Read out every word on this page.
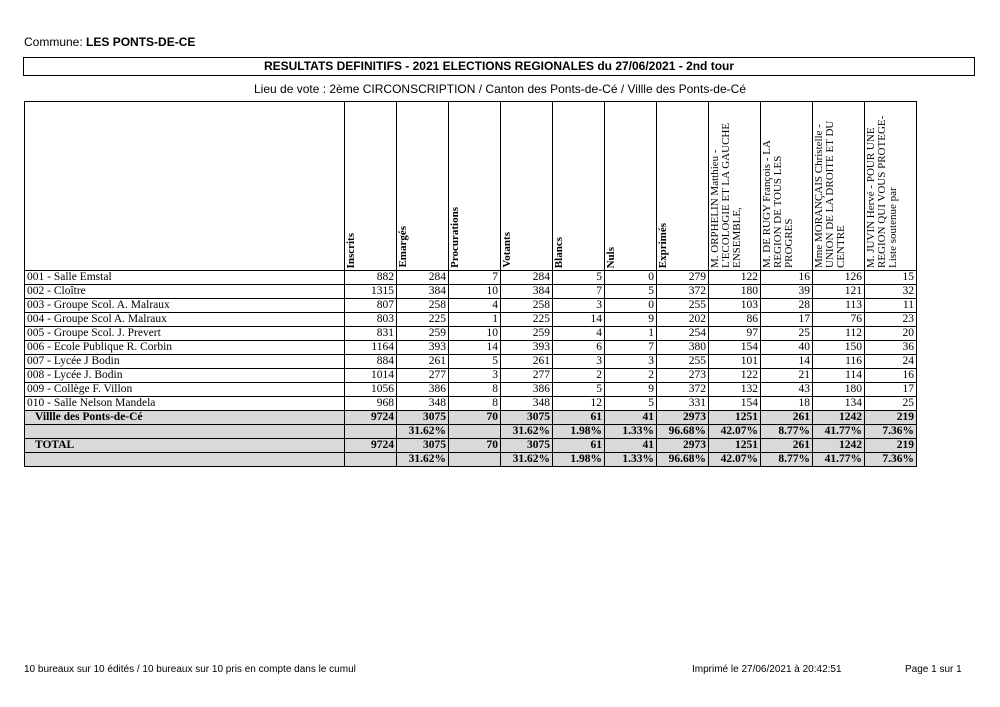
Commune: LES PONTS-DE-CE
RESULTATS DEFINITIFS - 2021 ELECTIONS REGIONALES du 27/06/2021 - 2nd tour
Lieu de vote : 2ème CIRCONSCRIPTION / Canton des Ponts-de-Cé / Villle des Ponts-de-Cé

	Inscrits	Emargés	Procurations	Votants	Blancs	Nuls	Exprimés	M. ORPHELIN Matthieu - L'ECOLOGIE ET LA GAUCHE ENSEMBLE,	M. DE RUGY François - LA REGION DE TOUS LES PROGRES	Mme MORANÇAIS Christelle - UNION DE LA DROITE ET DU CENTRE	M. JUVIN Hervé - POUR UNE REGION QUI VOUS PROTEGE-Liste soutenue par

001 - Salle Emstal	882	284	7	284	5	0	279	122	16	126	15
002 - Cloître	1315	384	10	384	7	5	372	180	39	121	32
003 - Groupe Scol. A. Malraux	807	258	4	258	3	0	255	103	28	113	11
004 - Groupe Scol A. Malraux	803	225	1	225	14	9	202	86	17	76	23
005 - Groupe Scol. J. Prevert	831	259	10	259	4	1	254	97	25	112	20
006 - Ecole Publique R. Corbin	1164	393	14	393	6	7	380	154	40	150	36
007 - Lycée J Bodin	884	261	5	261	3	3	255	101	14	116	24
008 - Lycée J. Bodin	1014	277	3	277	2	2	273	122	21	114	16
009 - Collège F. Villon	1056	386	8	386	5	9	372	132	43	180	17
010 - Salle Nelson Mandela	968	348	8	348	12	5	331	154	18	134	25
Villle des Ponts-de-Cé	9724	3075	70	3075	61	41	2973	1251	261	1242	219
		31.62%		31.62%	1.98%	1.33%	96.68%	42.07%	8.77%	41.77%	7.36%
TOTAL	9724	3075	70	3075	61	41	2973	1251	261	1242	219
		31.62%		31.62%	1.98%	1.33%	96.68%	42.07%	8.77%	41.77%	7.36%
10 bureaux sur 10 édités / 10 bureaux sur 10 pris en compte dans le cumul	Imprimé le 27/06/2021 à 20:42:51	Page 1 sur 1
